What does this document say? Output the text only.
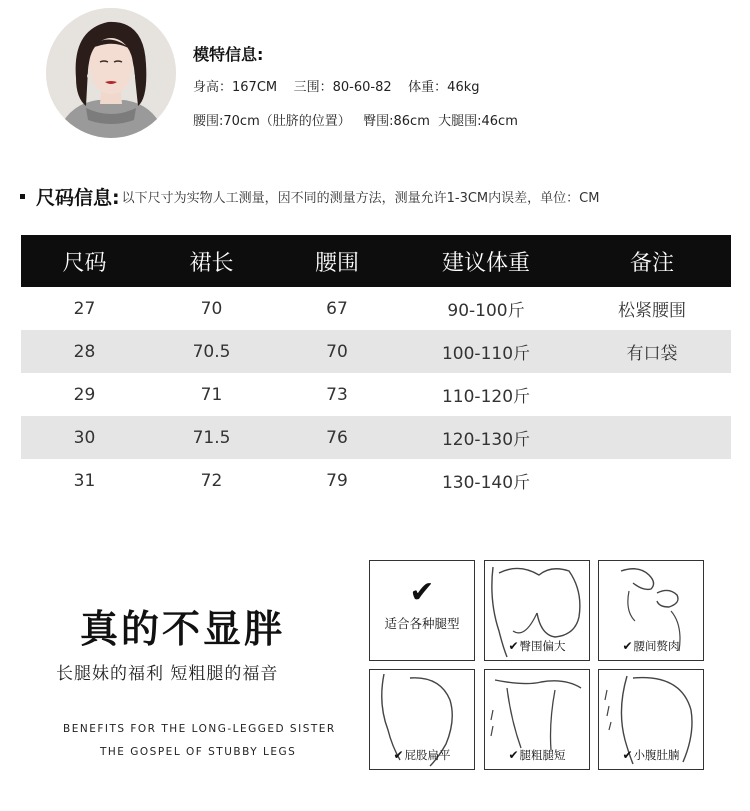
模特信息:
身高：167CM    三围：80-60-82    体重：46kg
腰围:70cm（肚脐的位置）   臀围:86cm  大腿围:46cm
尺码信息: 以下尺寸为实物人工测量，因不同的测量方法，测量允许1-3CM内误差，单位：CM
尺码	裙长	腰围	建议体重	备注
27	70	67	90-100斤	松紧腰围
28	70.5	70	100-110斤	有口袋
29	71	73	110-120斤
30	71.5	76	120-130斤
31	72	79	130-140斤
真的不显胖
长腿妹的福利 短粗腿的福音
BENEFITS FOR THE LONG-LEGGED SISTER
THE GOSPEL OF STUBBY LEGS
✔
适合各种腿型
✔臀围偏大	✔腰间赘肉
✔屁股扁平	✔腿粗腿短	✔小腹肚腩
